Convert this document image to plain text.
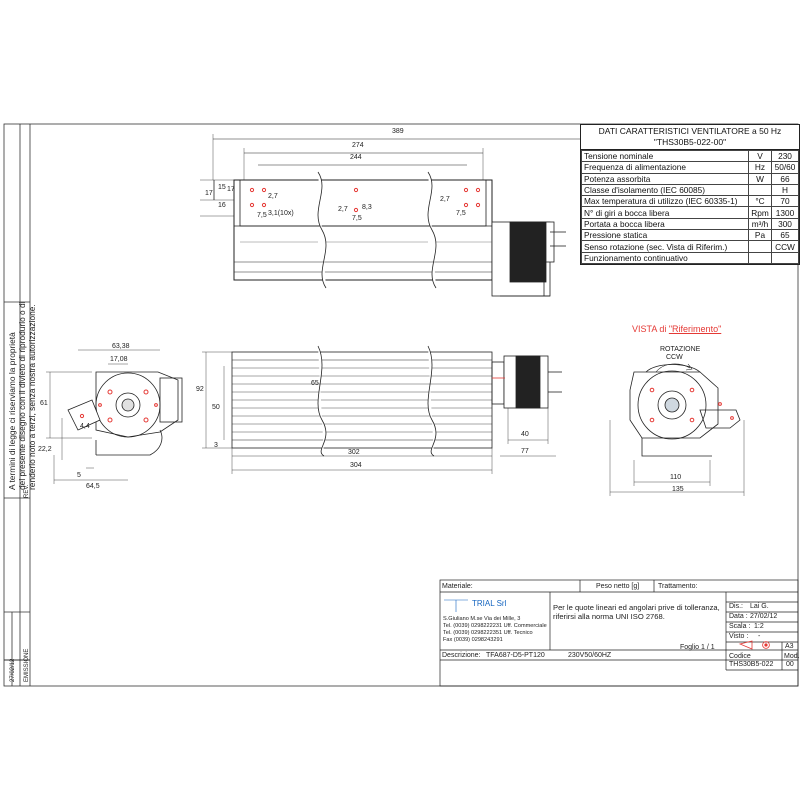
389
274
244
17
15
16
17
2,7
3,1(10x)
7,5
2,7 8,3
7,5
2,7
7,5
63,38
17,08
61
22,2
5
64,5
4,4
92
50
65
302
304
40
77
3
110
135
ROTAZIONE
CCW
VISTA di "Riferimento"
DATI CARATTERISTICI VENTILATORE a 50 Hz
"THS30B5-022-00"
Tensione nominale	V	230
Frequenza di alimentazione	Hz	50/60
Potenza assorbita	W	66
Classe d'isolamento (IEC 60085)		H
Max temperatura di utilizzo (IEC 60335-1)	°C	70
N° di giri a bocca libera	Rpm	1300
Portata a bocca libera	m³/h	300
Pressione statica	Pa	65
Senso rotazione (sec. Vista di Riferim.)		CCW
Funzionamento continuativo		
A termini di legge ci riserviamo la proprietà del presente disegno con il divieto di riprodurlo o di renderlo noto a terzi, senza nostra autorizzazione.
27/02/12	EMISSIONE
REV.
Materiale:	Peso netto [g]	Trattamento:
TRIAL Srl
S.Giuliano M.se Via dei Mille, 3
Tel. (0039) 0298222231 Uff. Commerciale
Tel. (0039) 0298222351 Uff. Tecnico
Fax (0039) 0298243291
Per le quote lineari ed angolari prive di tolleranza, riferirsi alla norma UNI ISO 2768.
Dis.: Lai G.
Data : 27/02/12
Scala : 1:2
Visto : -
Foglio 1 / 1	A3
Descrizione: TFA687-D5-PT120	230V50/60HZ	Codice
THS30B5-022
Mod.
00
